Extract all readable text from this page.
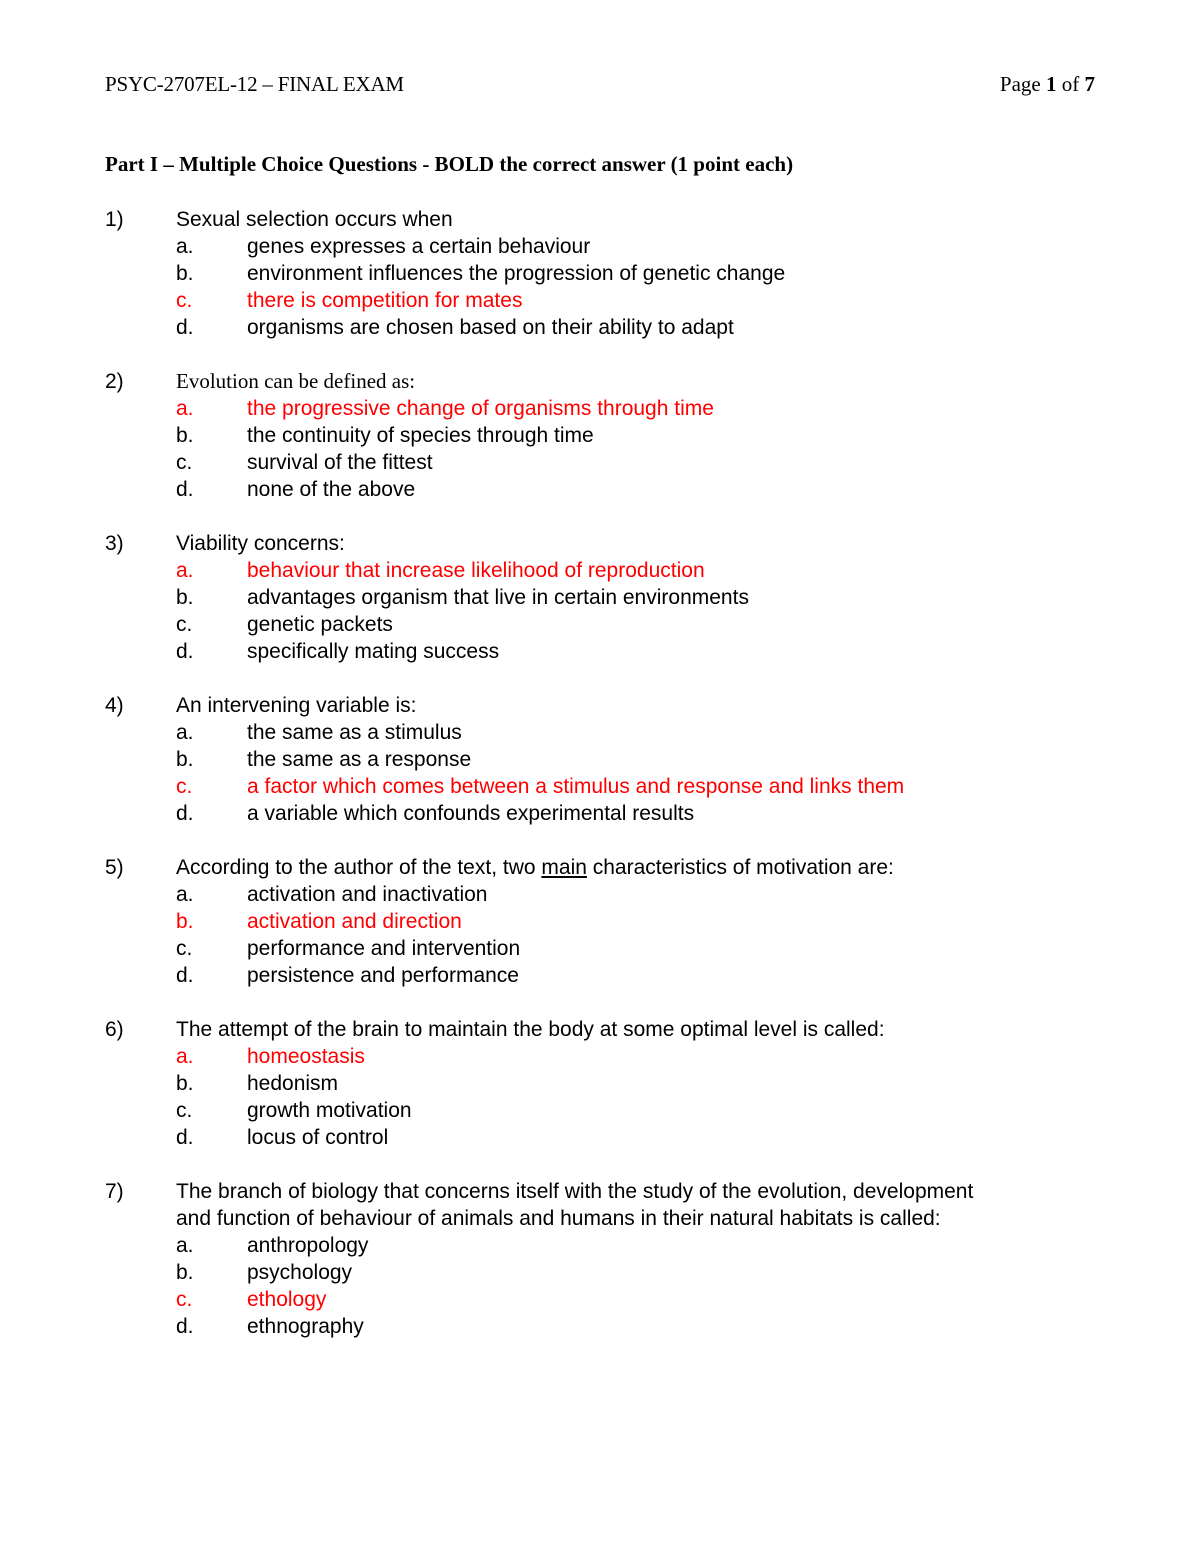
PSYC-2707EL-12 – FINAL EXAM	Page 1 of 7
Part I – Multiple Choice Questions - BOLD the correct answer (1 point each)
1) Sexual selection occurs when
a.	genes expresses a certain behaviour
b.	environment influences the progression of genetic change
c.	there is competition for mates
d.	organisms are chosen based on their ability to adapt
2) Evolution can be defined as:
a.	the progressive change of organisms through time
b.	the continuity of species through time
c.	survival of the fittest
d.	none of the above
3) Viability concerns:
a.	behaviour that increase likelihood of reproduction
b.	advantages organism that live in certain environments
c.	genetic packets
d.	specifically mating success
4) An intervening variable is:
a.	the same as a stimulus
b.	the same as a response
c.	a factor which comes between a stimulus and response and links them
d.	a variable which confounds experimental results
5) According to the author of the text, two main characteristics of motivation are:
a.	activation and inactivation
b.	activation and direction
c.	performance and intervention
d.	persistence and performance
6) The attempt of the brain to maintain the body at some optimal level is called:
a.	homeostasis
b.	hedonism
c.	growth motivation
d.	locus of control
7) The branch of biology that concerns itself with the study of the evolution, development
and function of behaviour of animals and humans in their natural habitats is called:
a.	anthropology
b.	psychology
c.	ethology
d.	ethnography
